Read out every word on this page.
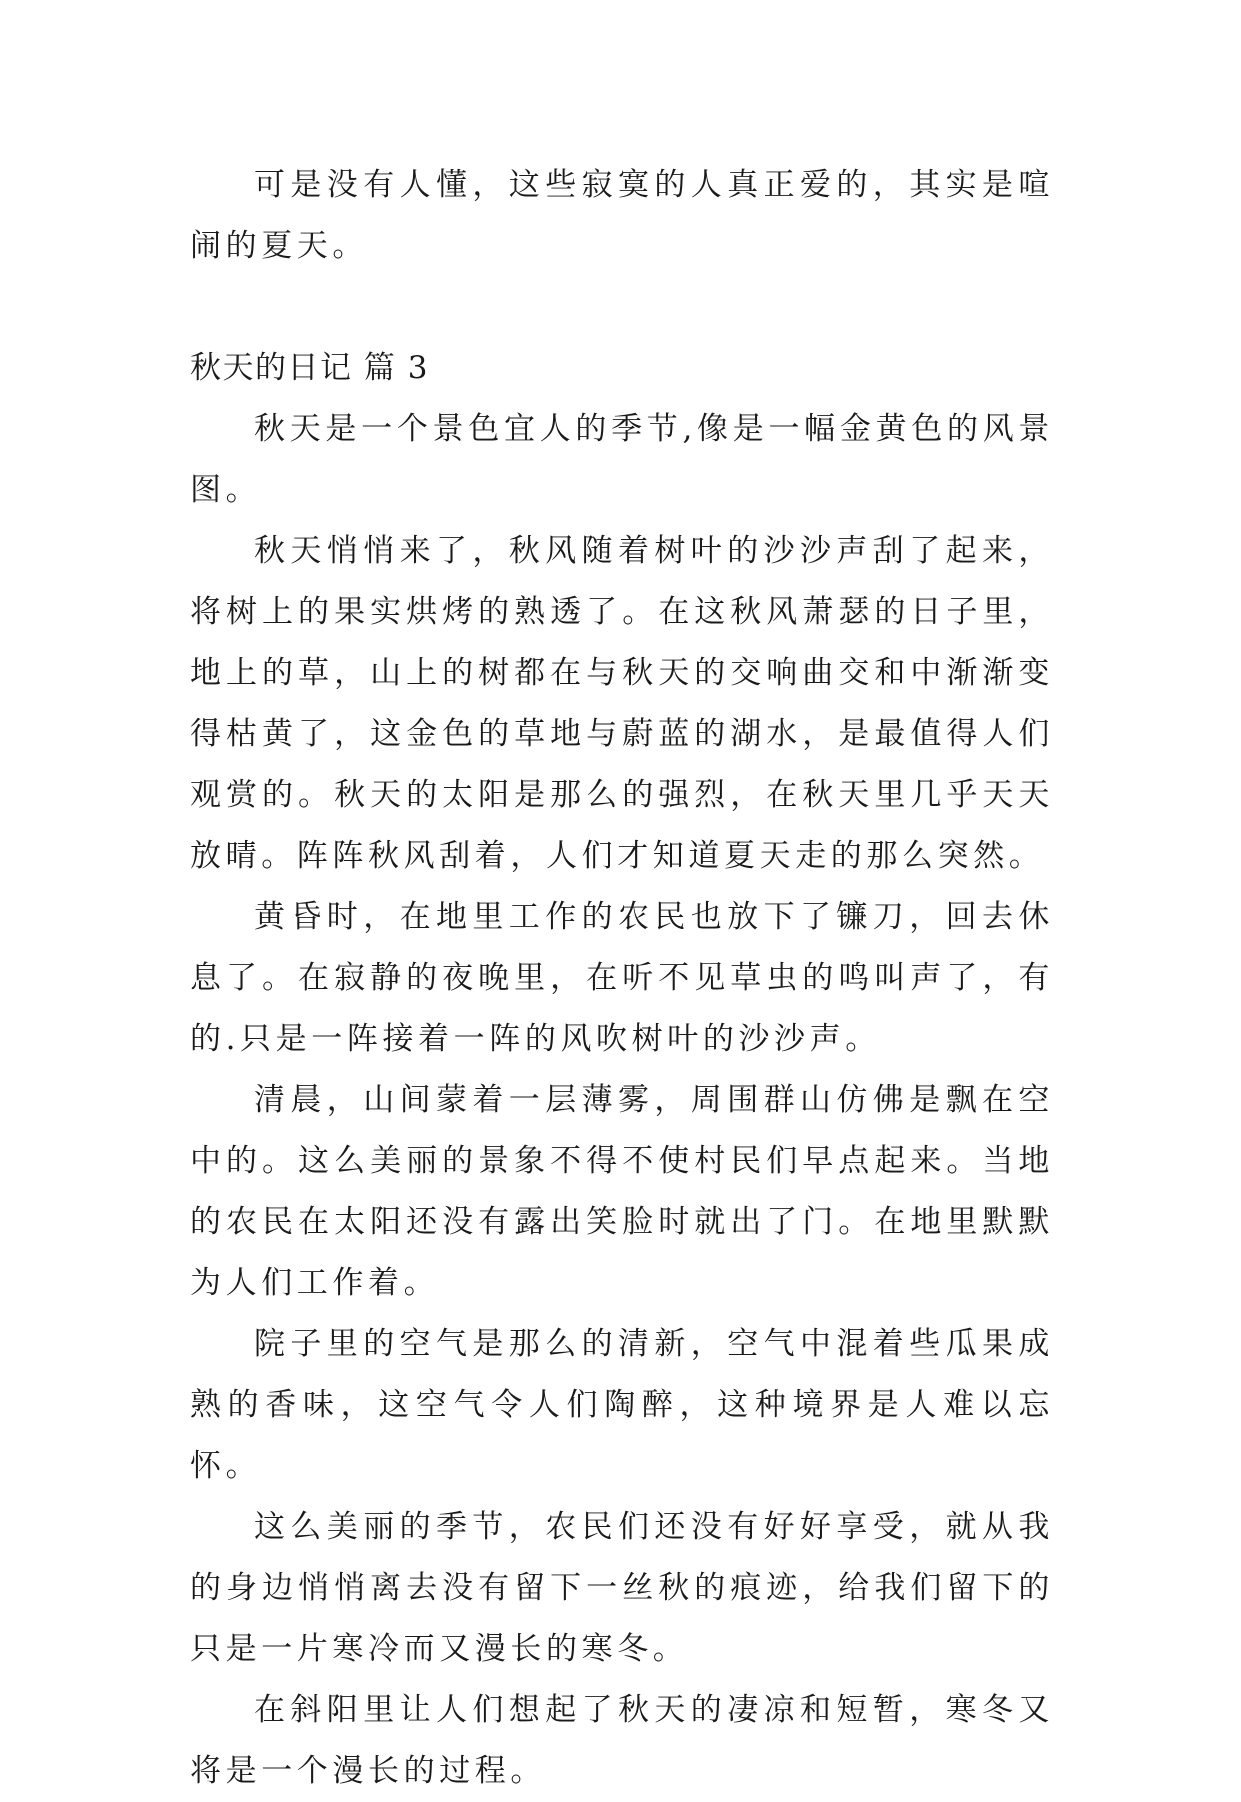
可是没有人懂，这些寂寞的人真正爱的，其实是喧闹的夏天。

秋天的日记 篇 3

秋天是一个景色宜人的季节,像是一幅金黄色的风景图。

秋天悄悄来了，秋风随着树叶的沙沙声刮了起来，将树上的果实烘烤的熟透了。在这秋风萧瑟的日子里，地上的草，山上的树都在与秋天的交响曲交和中渐渐变得枯黄了，这金色的草地与蔚蓝的湖水，是最值得人们观赏的。秋天的太阳是那么的强烈，在秋天里几乎天天放晴。阵阵秋风刮着，人们才知道夏天走的那么突然。

黄昏时，在地里工作的农民也放下了镰刀，回去休息了。在寂静的夜晚里，在听不见草虫的鸣叫声了，有的.只是一阵接着一阵的风吹树叶的沙沙声。

清晨，山间蒙着一层薄雾，周围群山仿佛是飘在空中的。这么美丽的景象不得不使村民们早点起来。当地的农民在太阳还没有露出笑脸时就出了门。在地里默默为人们工作着。

院子里的空气是那么的清新，空气中混着些瓜果成熟的香味，这空气令人们陶醉，这种境界是人难以忘怀。

这么美丽的季节，农民们还没有好好享受，就从我的身边悄悄离去没有留下一丝秋的痕迹，给我们留下的只是一片寒冷而又漫长的寒冬。

在斜阳里让人们想起了秋天的凄凉和短暂，寒冬又将是一个漫长的过程。
